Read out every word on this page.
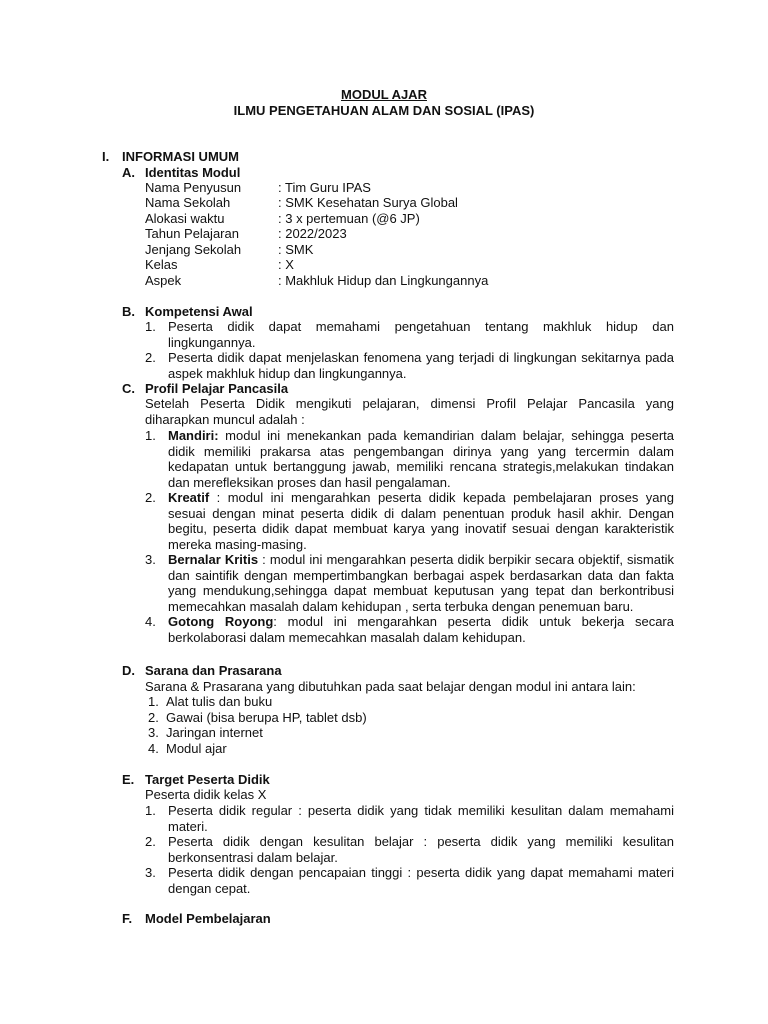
MODUL AJAR
ILMU PENGETAHUAN ALAM DAN SOSIAL (IPAS)
I. INFORMASI UMUM
A. Identitas Modul
Nama Penyusun	: Tim Guru IPAS
Nama Sekolah	: SMK Kesehatan Surya Global
Alokasi waktu	: 3 x pertemuan (@6 JP)
Tahun Pelajaran	: 2022/2023
Jenjang Sekolah	: SMK
Kelas	: X
Aspek	: Makhluk Hidup dan Lingkungannya
B. Kompetensi Awal
1. Peserta didik dapat memahami pengetahuan tentang makhluk hidup dan lingkungannya.
2. Peserta didik dapat menjelaskan fenomena yang terjadi di lingkungan sekitarnya pada aspek makhluk hidup dan lingkungannya.
C. Profil Pelajar Pancasila
Setelah Peserta Didik mengikuti pelajaran, dimensi Profil Pelajar Pancasila yang diharapkan muncul adalah :
1. Mandiri: modul ini menekankan pada kemandirian dalam belajar, sehingga peserta didik memiliki prakarsa atas pengembangan dirinya yang yang tercermin dalam kedapatan untuk bertanggung jawab, memiliki rencana strategis,melakukan tindakan dan merefleksikan proses dan hasil pengalaman.
2. Kreatif : modul ini mengarahkan peserta didik kepada pembelajaran proses yang sesuai dengan minat peserta didik di dalam penentuan produk hasil akhir. Dengan begitu, peserta didik dapat membuat karya yang inovatif sesuai dengan karakteristik mereka masing-masing.
3. Bernalar Kritis : modul ini mengarahkan peserta didik berpikir secara objektif, sismatik dan saintifik dengan mempertimbangkan berbagai aspek berdasarkan data dan fakta yang mendukung,sehingga dapat membuat keputusan yang tepat dan berkontribusi memecahkan masalah dalam kehidupan , serta terbuka dengan penemuan baru.
4. Gotong Royong: modul ini mengarahkan peserta didik untuk bekerja secara berkolaborasi dalam memecahkan masalah dalam kehidupan.
D. Sarana dan Prasarana
Sarana & Prasarana yang dibutuhkan pada saat belajar dengan modul ini antara lain:
1. Alat tulis dan buku
2. Gawai (bisa berupa HP, tablet dsb)
3. Jaringan internet
4. Modul ajar
E. Target Peserta Didik
Peserta didik kelas X
1. Peserta didik regular : peserta didik yang tidak memiliki kesulitan dalam memahami materi.
2. Peserta didik dengan kesulitan belajar : peserta didik yang memiliki kesulitan berkonsentrasi dalam belajar.
3. Peserta didik dengan pencapaian tinggi : peserta didik yang dapat memahami materi dengan cepat.
F. Model Pembelajaran
